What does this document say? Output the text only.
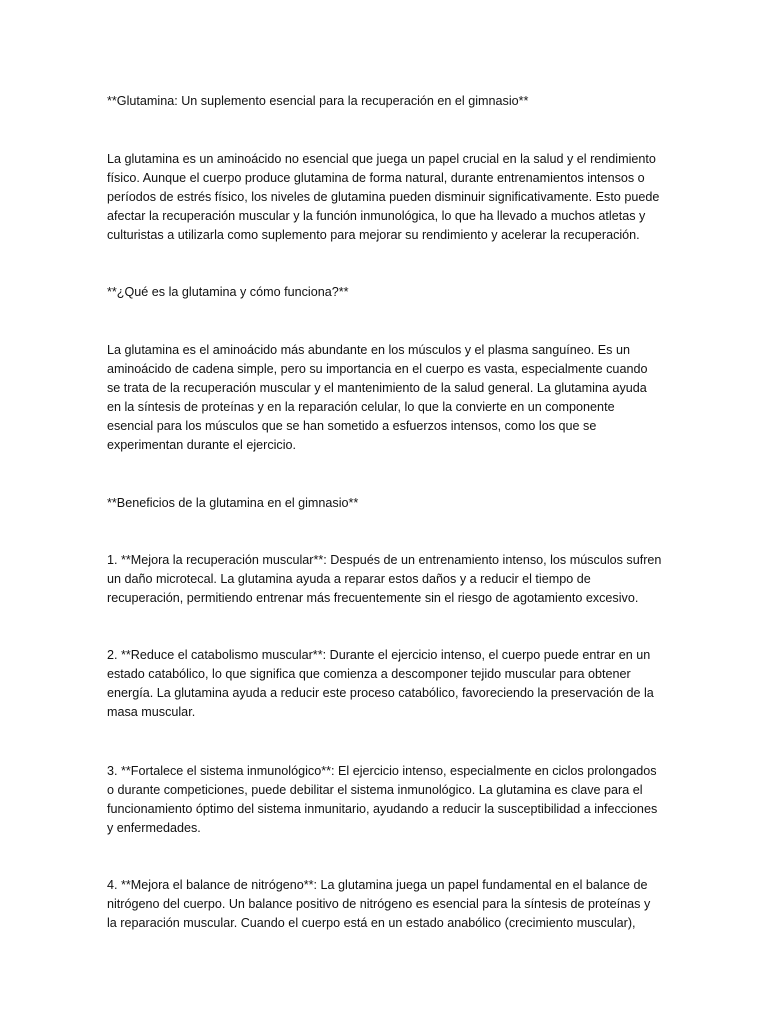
**Glutamina: Un suplemento esencial para la recuperación en el gimnasio**

La glutamina es un aminoácido no esencial que juega un papel crucial en la salud y el rendimiento físico. Aunque el cuerpo produce glutamina de forma natural, durante entrenamientos intensos o períodos de estrés físico, los niveles de glutamina pueden disminuir significativamente. Esto puede afectar la recuperación muscular y la función inmunológica, lo que ha llevado a muchos atletas y culturistas a utilizarla como suplemento para mejorar su rendimiento y acelerar la recuperación.

**¿Qué es la glutamina y cómo funciona?**

La glutamina es el aminoácido más abundante en los músculos y el plasma sanguíneo. Es un aminoácido de cadena simple, pero su importancia en el cuerpo es vasta, especialmente cuando se trata de la recuperación muscular y el mantenimiento de la salud general. La glutamina ayuda en la síntesis de proteínas y en la reparación celular, lo que la convierte en un componente esencial para los músculos que se han sometido a esfuerzos intensos, como los que se experimentan durante el ejercicio.

**Beneficios de la glutamina en el gimnasio**

1. **Mejora la recuperación muscular**: Después de un entrenamiento intenso, los músculos sufren un daño microtecal. La glutamina ayuda a reparar estos daños y a reducir el tiempo de recuperación, permitiendo entrenar más frecuentemente sin el riesgo de agotamiento excesivo.

2. **Reduce el catabolismo muscular**: Durante el ejercicio intenso, el cuerpo puede entrar en un estado catabólico, lo que significa que comienza a descomponer tejido muscular para obtener energía. La glutamina ayuda a reducir este proceso catabólico, favoreciendo la preservación de la masa muscular.

3. **Fortalece el sistema inmunológico**: El ejercicio intenso, especialmente en ciclos prolongados o durante competiciones, puede debilitar el sistema inmunológico. La glutamina es clave para el funcionamiento óptimo del sistema inmunitario, ayudando a reducir la susceptibilidad a infecciones y enfermedades.

4. **Mejora el balance de nitrógeno**: La glutamina juega un papel fundamental en el balance de nitrógeno del cuerpo. Un balance positivo de nitrógeno es esencial para la síntesis de proteínas y la reparación muscular. Cuando el cuerpo está en un estado anabólico (crecimiento muscular),
